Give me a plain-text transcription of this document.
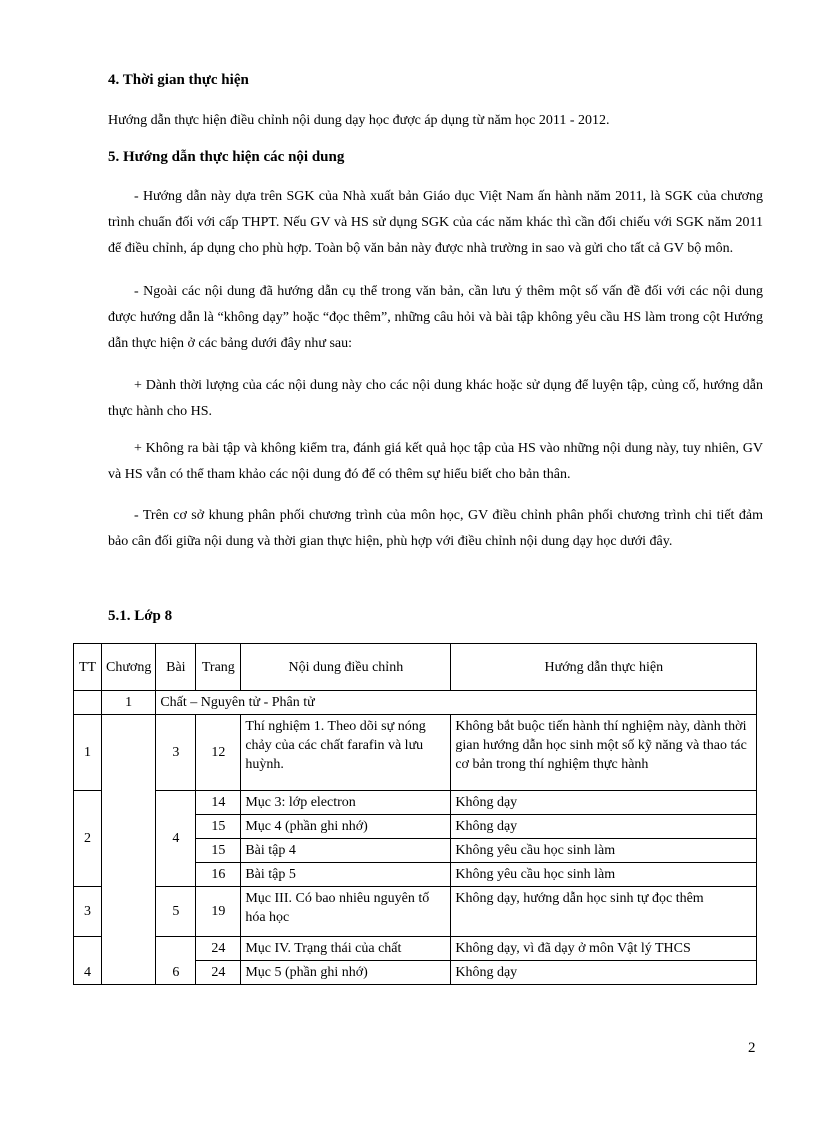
4. Thời gian thực hiện
Hướng dẫn thực hiện điều chỉnh nội dung dạy học được áp dụng từ năm học 2011 - 2012.
5. Hướng dẫn thực hiện các nội dung
- Hướng dẫn này dựa trên SGK của Nhà xuất bản Giáo dục Việt Nam ấn hành năm 2011, là SGK của chương trình chuẩn đối với cấp THPT. Nếu GV và HS sử dụng SGK của các năm khác thì cần đối chiếu với SGK năm 2011 để điều chỉnh, áp dụng cho phù hợp. Toàn bộ văn bản này được nhà trường in sao và gửi cho tất cả GV bộ môn.
- Ngoài các nội dung đã hướng dẫn cụ thể trong văn bản, cần lưu ý thêm một số vấn đề đối với các nội dung được hướng dẫn là “không dạy” hoặc “đọc thêm”, những câu hỏi và bài tập không yêu cầu HS làm trong cột Hướng dẫn thực hiện ở các bảng dưới đây như sau:
+ Dành thời lượng của các nội dung này cho các nội dung khác hoặc sử dụng để luyện tập, củng cố, hướng dẫn thực hành cho HS.
+ Không ra bài tập và không kiểm tra, đánh giá kết quả học tập của HS vào những nội dung này, tuy nhiên, GV và HS vẫn có thể tham khảo các nội dung đó để có thêm sự hiểu biết cho bản thân.
- Trên cơ sở khung phân phối chương trình của môn học, GV điều chỉnh phân phối chương trình chi tiết đảm bảo cân đối giữa nội dung và thời gian thực hiện, phù hợp với điều chỉnh nội dung dạy học dưới đây.
5.1. Lớp 8
TT	Chương	Bài	Trang	Nội dung điều chỉnh	Hướng dẫn thực hiện
	1	Chất – Nguyên tử - Phân tử			
1		3	12	Thí nghiệm 1. Theo dõi sự nóng chảy của các chất farafin và lưu huỳnh.	Không bắt buộc tiến hành thí nghiệm này, dành thời gian hướng dẫn học sinh một số kỹ năng và thao tác cơ bản trong thí nghiệm thực hành
2		4	14	Mục 3: lớp electron	Không dạy
			15	Mục 4 (phần ghi nhớ)	Không dạy
			15	Bài tập 4	Không yêu cầu học sinh làm
			16	Bài tập 5	Không yêu cầu học sinh làm
3		5	19	Mục III. Có bao nhiêu nguyên tố hóa học	Không dạy, hướng dẫn học sinh tự đọc thêm
4		6	24	Mục IV. Trạng thái của chất	Không dạy, vì đã dạy ở môn Vật lý THCS
			24	Mục 5 (phần ghi nhớ)	Không dạy
2
